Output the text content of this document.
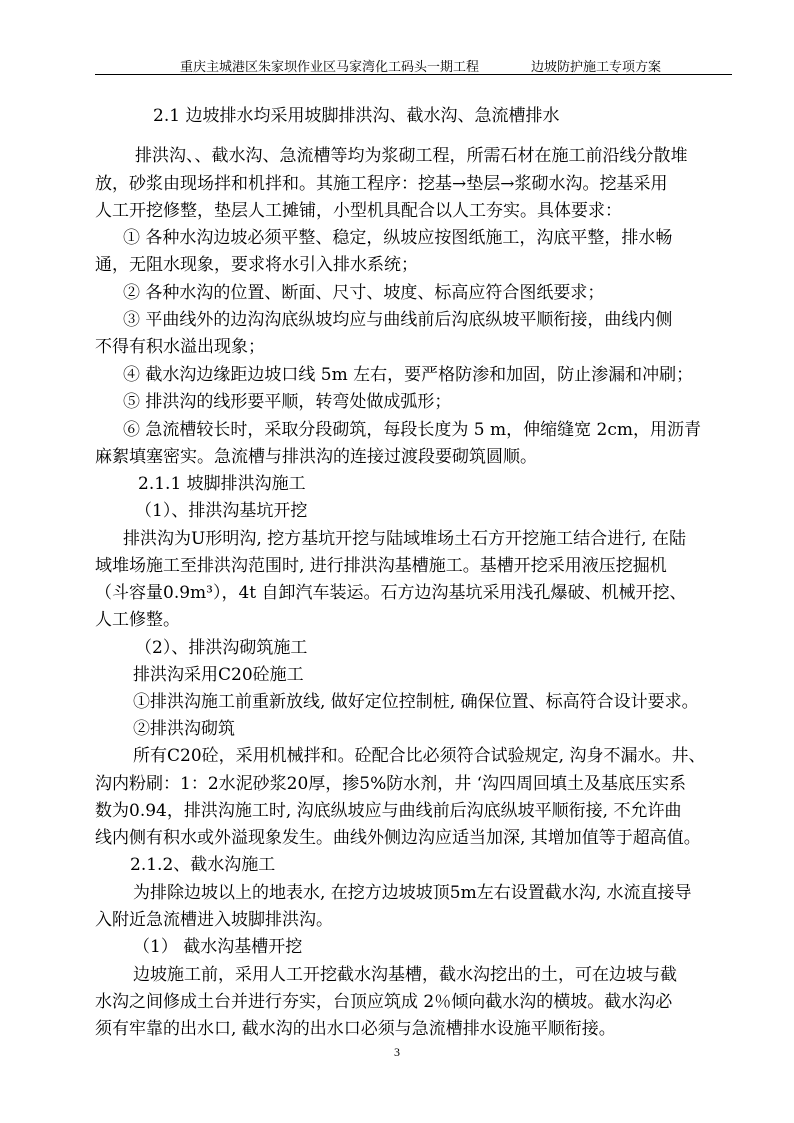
重庆主城港区朱家坝作业区马家湾化工码头一期工程	边坡防护施工专项方案
2.1 边坡排水均采用坡脚排洪沟、截水沟、急流槽排水
排洪沟、、截水沟、急流槽等均为浆砌工程，所需石材在施工前沿线分散堆
放，砂浆由现场拌和机拌和。其施工程序：挖基→垫层→浆砌水沟。挖基采用
人工开挖修整，垫层人工摊铺，小型机具配合以人工夯实。具体要求：
① 各种水沟边坡必须平整、稳定，纵坡应按图纸施工，沟底平整，排水畅
通，无阻水现象，要求将水引入排水系统；
② 各种水沟的位置、断面、尺寸、坡度、标高应符合图纸要求；
③ 平曲线外的边沟沟底纵坡均应与曲线前后沟底纵坡平顺衔接，曲线内侧
不得有积水溢出现象；
④ 截水沟边缘距边坡口线 5m 左右，要严格防渗和加固，防止渗漏和冲刷；
⑤ 排洪沟的线形要平顺，转弯处做成弧形；
⑥ 急流槽较长时，采取分段砌筑，每段长度为 5 m，伸缩缝宽 2cm，用沥青
麻絮填塞密实。急流槽与排洪沟的连接过渡段要砌筑圆顺。
2.1.1 坡脚排洪沟施工
（1）、排洪沟基坑开挖
排洪沟为U形明沟, 挖方基坑开挖与陆域堆场土石方开挖施工结合进行, 在陆
域堆场施工至排洪沟范围时, 进行排洪沟基槽施工。基槽开挖采用液压挖掘机
（斗容量0.9m³），4t 自卸汽车装运。石方边沟基坑采用浅孔爆破、机械开挖、
人工修整。
（2）、排洪沟砌筑施工
排洪沟采用C20砼施工
①排洪沟施工前重新放线, 做好定位控制桩, 确保位置、标高符合设计要求。
②排洪沟砌筑
所有C20砼，采用机械拌和。砼配合比必须符合试验规定, 沟身不漏水。井、
沟内粉刷：1：2水泥砂浆20厚，掺5%防水剂，井 ‘沟四周回填土及基底压实系
数为0.94，排洪沟施工时, 沟底纵坡应与曲线前后沟底纵坡平顺衔接, 不允许曲
线内侧有积水或外溢现象发生。曲线外侧边沟应适当加深, 其增加值等于超高值。
2.1.2、截水沟施工
为排除边坡以上的地表水, 在挖方边坡坡顶5m左右设置截水沟, 水流直接导
入附近急流槽进入坡脚排洪沟。
（1） 截水沟基槽开挖
边坡施工前，采用人工开挖截水沟基槽，截水沟挖出的土，可在边坡与截
水沟之间修成土台并进行夯实，台顶应筑成 2％倾向截水沟的横坡。截水沟必
须有牢靠的出水口, 截水沟的出水口必须与急流槽排水设施平顺衔接。
3
